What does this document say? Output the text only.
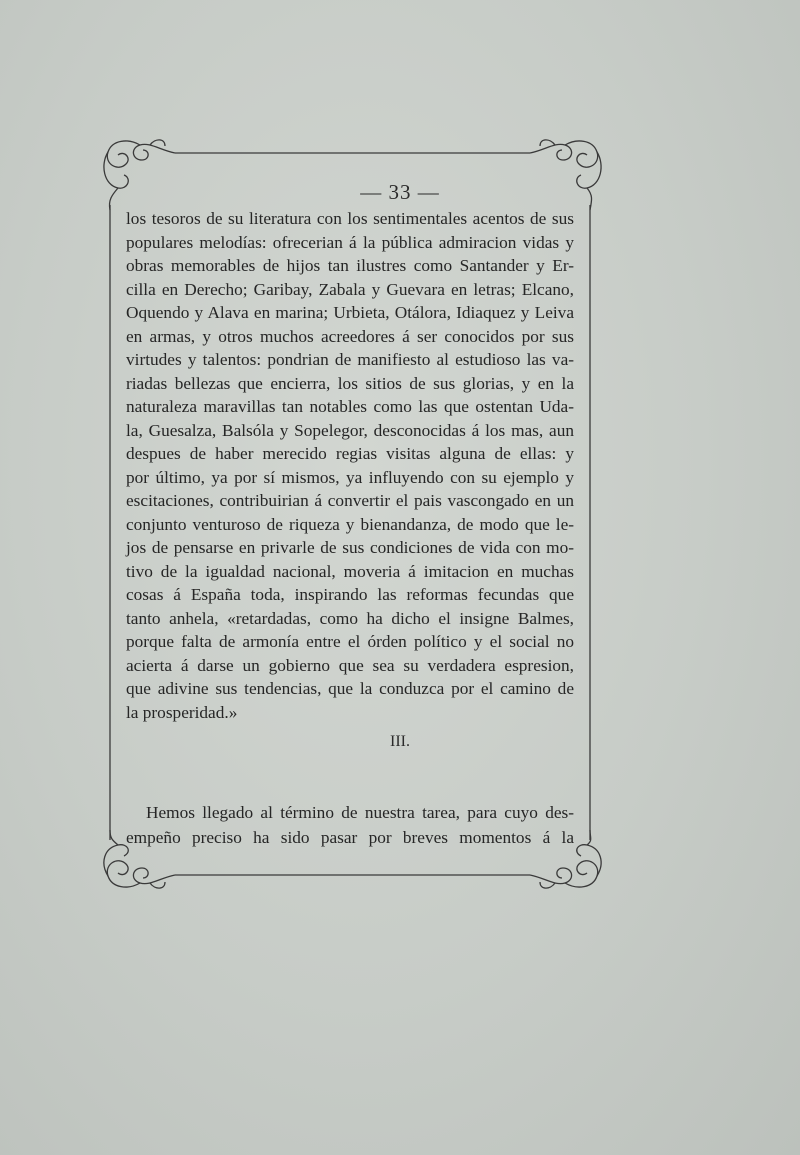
— 33 —
los tesoros de su literatura con los sentimentales acentos de sus
populares melodías: ofrecerian á la pública admiracion vidas y
obras memorables de hijos tan ilustres como Santander y Er-
cilla en Derecho; Garibay, Zabala y Guevara en letras; Elcano,
Oquendo y Alava en marina; Urbieta, Otálora, Idiaquez y Leiva
en armas, y otros muchos acreedores á ser conocidos por sus
virtudes y talentos: pondrian de manifiesto al estudioso las va-
riadas bellezas que encierra, los sitios de sus glorias, y en la
naturaleza maravillas tan notables como las que ostentan Uda-
la, Guesalza, Balsóla y Sopelegor, desconocidas á los mas, aun
despues de haber merecido regias visitas alguna de ellas: y
por último, ya por sí mismos, ya influyendo con su ejemplo y
escitaciones, contribuirian á convertir el pais vascongado en un
conjunto venturoso de riqueza y bienandanza, de modo que le-
jos de pensarse en privarle de sus condiciones de vida con mo-
tivo de la igualdad nacional, moveria á imitacion en muchas
cosas á España toda, inspirando las reformas fecundas que
tanto anhela, «retardadas, como ha dicho el insigne Balmes,
porque falta de armonía entre el órden político y el social no
acierta á darse un gobierno que sea su verdadera espresion,
que adivine sus tendencias, que la conduzca por el camino de
la prosperidad.»
III.
Hemos llegado al término de nuestra tarea, para cuyo des-
empeño preciso ha sido pasar por breves momentos á la
